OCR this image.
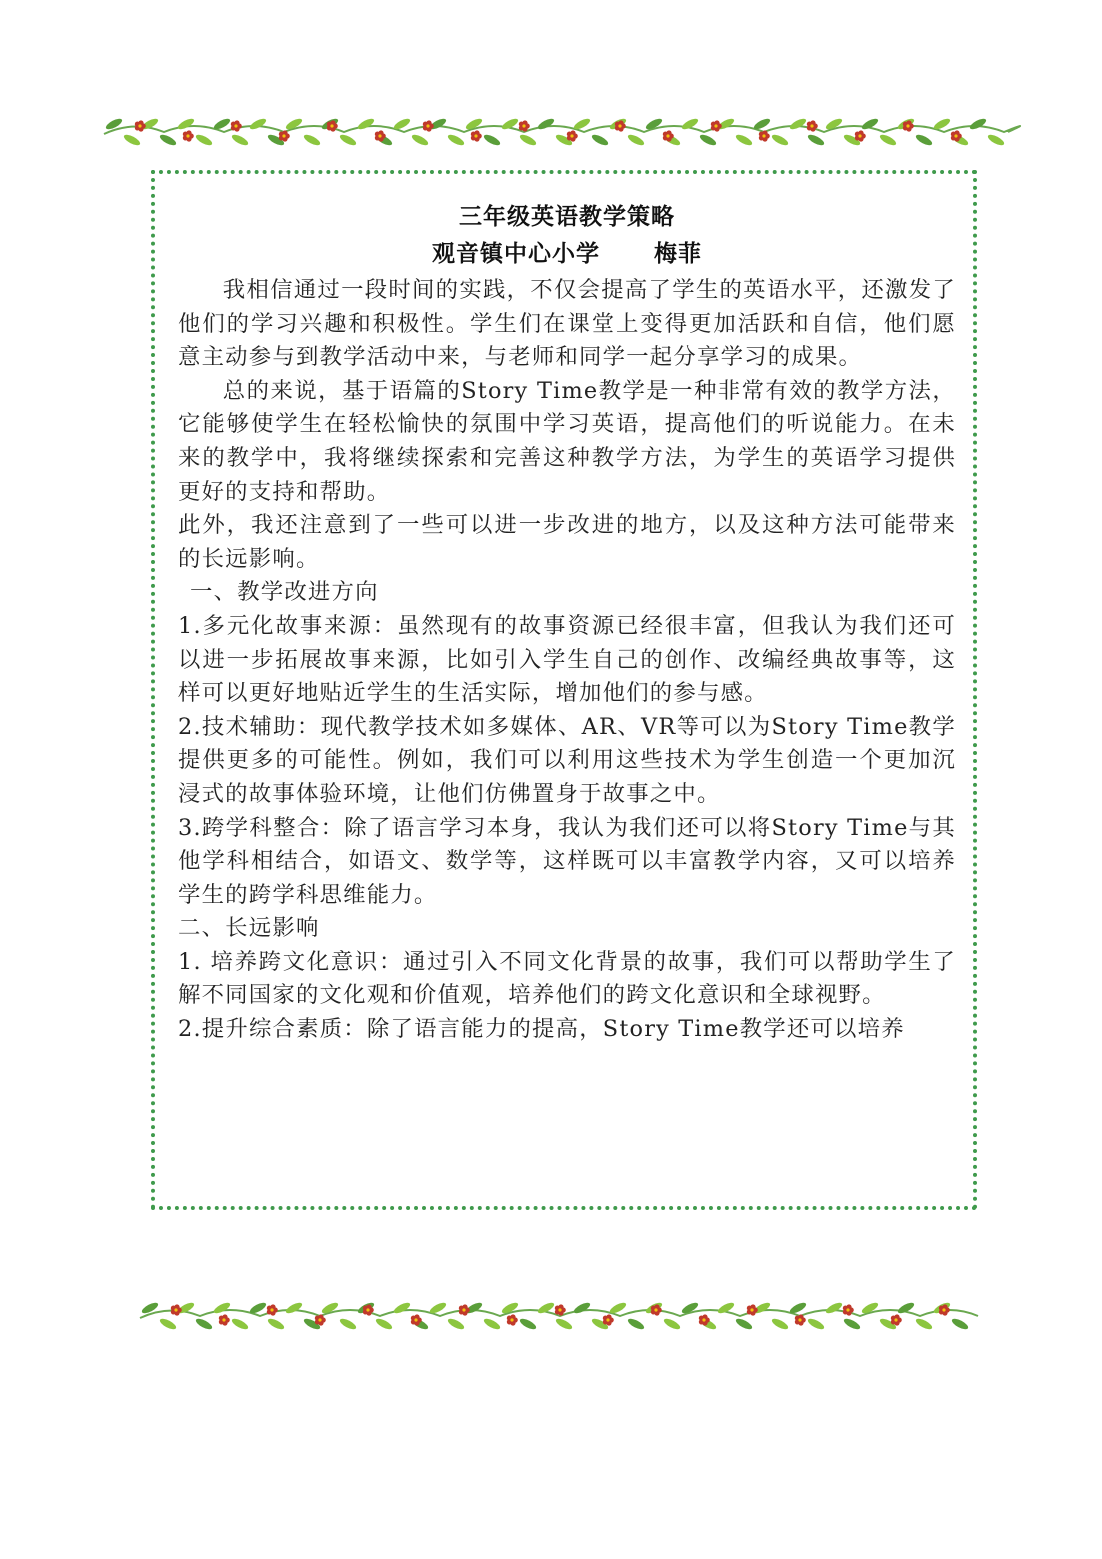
三年级英语教学策略

观音镇中心小学      梅菲

我相信通过一段时间的实践，不仅会提高了学生的英语水平，还激发了他们的学习兴趣和积极性。学生们在课堂上变得更加活跃和自信，他们愿意主动参与到教学活动中来，与老师和同学一起分享学习的成果。

总的来说，基于语篇的Story Time教学是一种非常有效的教学方法，它能够使学生在轻松愉快的氛围中学习英语，提高他们的听说能力。在未来的教学中，我将继续探索和完善这种教学方法，为学生的英语学习提供更好的支持和帮助。

此外，我还注意到了一些可以进一步改进的地方，以及这种方法可能带来的长远影响。

一、教学改进方向

1.多元化故事来源：虽然现有的故事资源已经很丰富，但我认为我们还可以进一步拓展故事来源，比如引入学生自己的创作、改编经典故事等，这样可以更好地贴近学生的生活实际，增加他们的参与感。

2.技术辅助：现代教学技术如多媒体、AR、VR等可以为Story Time教学提供更多的可能性。例如，我们可以利用这些技术为学生创造一个更加沉浸式的故事体验环境，让他们仿佛置身于故事之中。

3.跨学科整合：除了语言学习本身，我认为我们还可以将Story Time与其他学科相结合，如语文、数学等，这样既可以丰富教学内容，又可以培养学生的跨学科思维能力。

二、长远影响

1. 培养跨文化意识：通过引入不同文化背景的故事，我们可以帮助学生了解不同国家的文化观和价值观，培养他们的跨文化意识和全球视野。

2.提升综合素质：除了语言能力的提高，Story Time教学还可以培养
